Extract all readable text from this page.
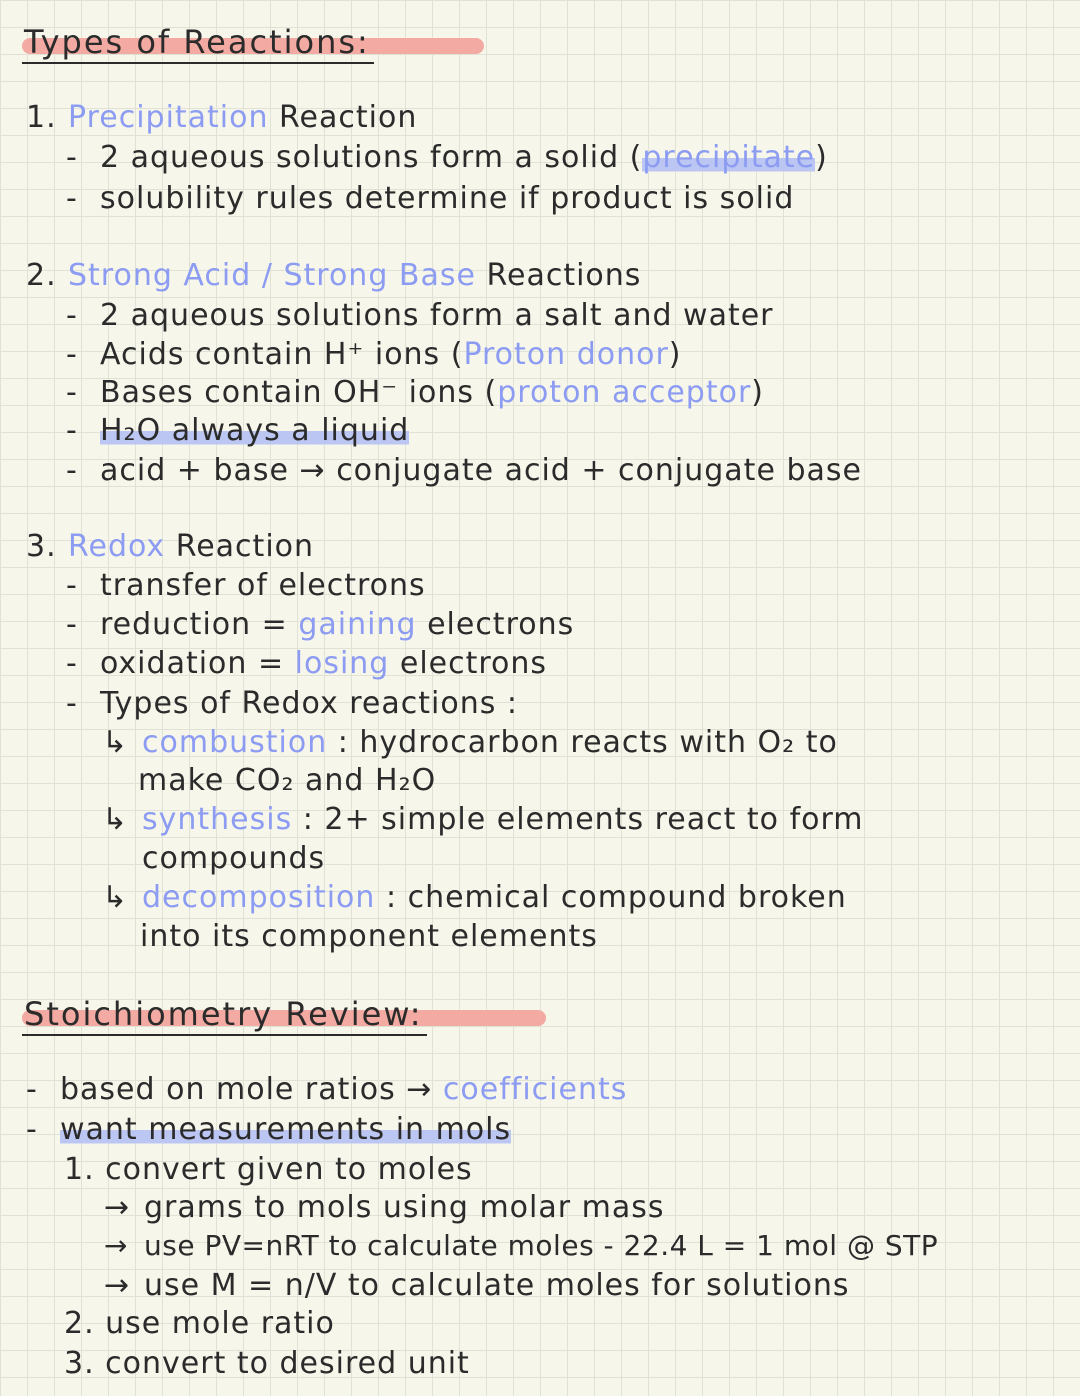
Types of Reactions:
1. Precipitation Reaction
- 2 aqueous solutions form a solid (precipitate)
- solubility rules determine if product is solid
2. Strong Acid / Strong Base Reactions
- 2 aqueous solutions form a salt and water
- Acids contain H⁺ ions (Proton donor)
- Bases contain OH⁻ ions (proton acceptor)
- H₂O always a liquid
- acid + base → conjugate acid + conjugate base
3. Redox Reaction
- transfer of electrons
- reduction = gaining electrons
- oxidation = losing electrons
- Types of Redox reactions :
↳ combustion : hydrocarbon reacts with O₂ to
make CO₂ and H₂O
↳ synthesis : 2+ simple elements react to form
compounds
↳ decomposition : chemical compound broken
into its component elements
Stoichiometry Review:
- based on mole ratios → coefficients
- want measurements in mols
1. convert given to moles
→ grams to mols using molar mass
→ use PV=nRT to calculate moles - 22.4 L = 1 mol @ STP
→ use M = n/V to calculate moles for solutions
2. use mole ratio
3. convert to desired unit
